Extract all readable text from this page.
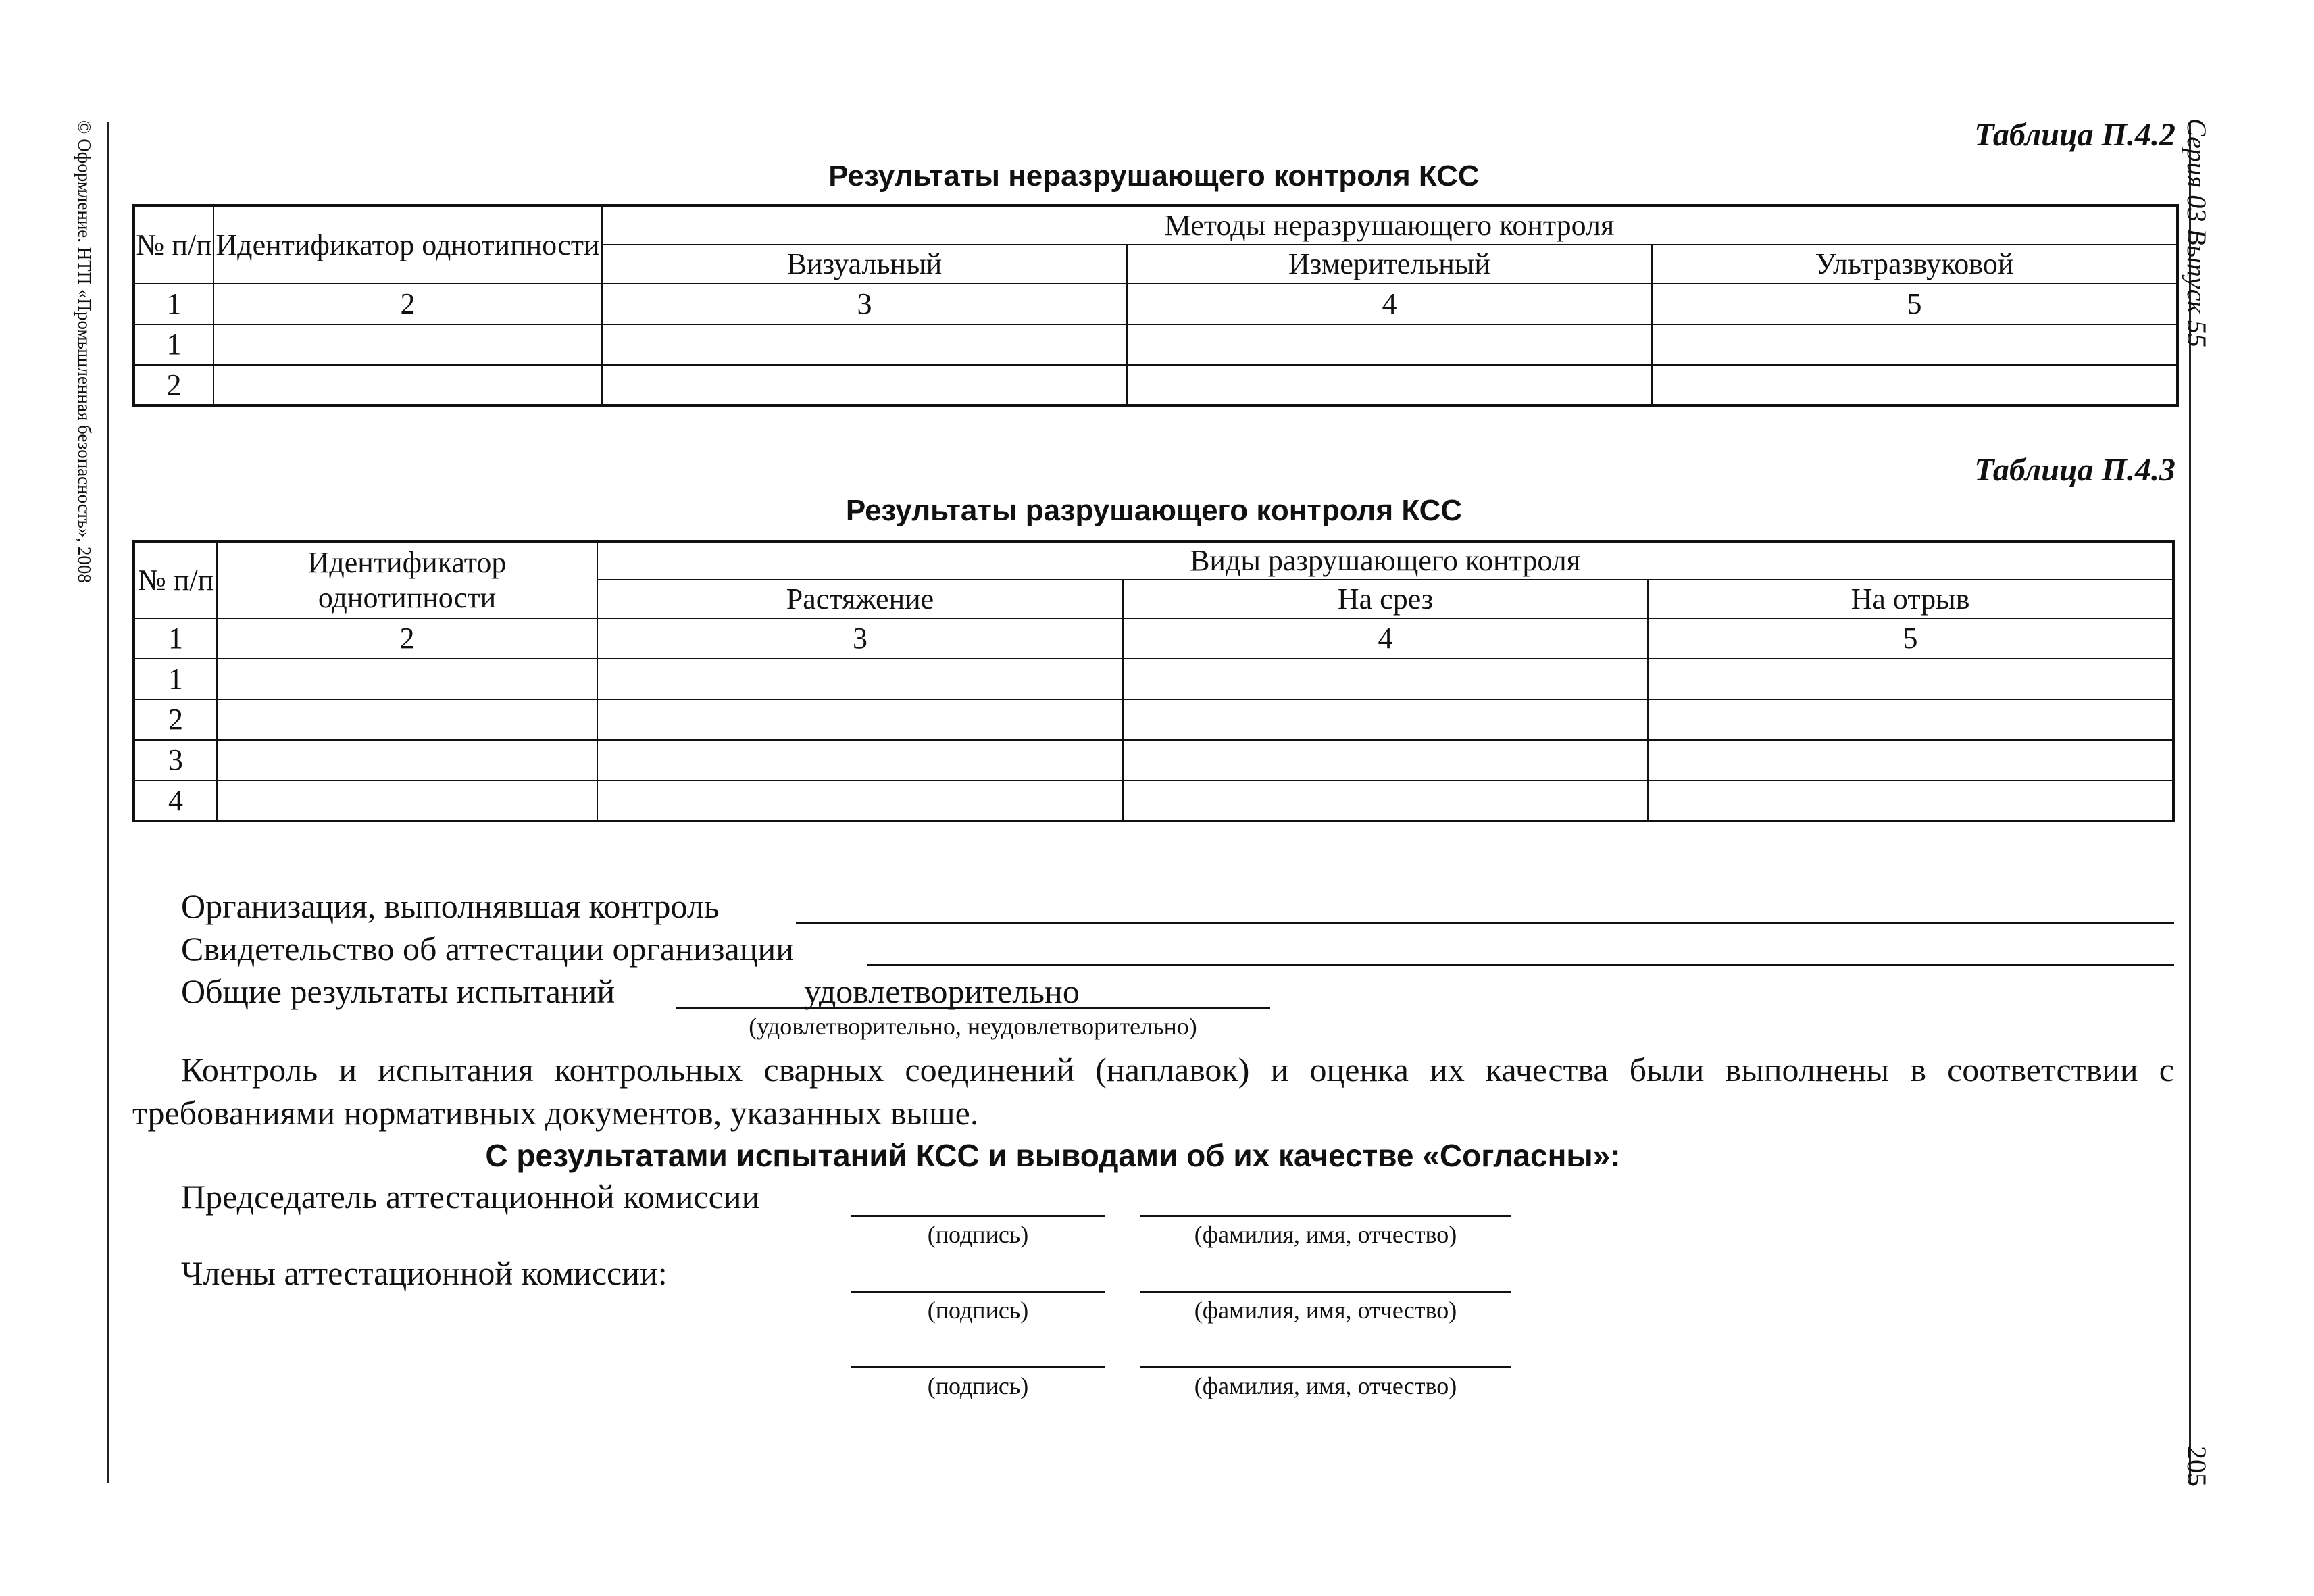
© Оформление. НТП «Промышленная безопасность», 2008	Серия 03 Выпуск 55
205
Таблица П.4.2
Результаты неразрушающего контроля КСС
№ п/п	Идентификатор однотипности	Методы неразрушающего контроля		
		Визуальный	Измерительный	Ультразвуковой
1	2	3	4	5
1				
2				
Таблица П.4.3
Результаты разрушающего контроля КСС
№ п/п	Идентификатор однотипности	Виды разрушающего контроля		
		Растяжение	На срез	На отрыв
1	2	3	4	5
1				
2				
3				
4				
Организация, выполнявшая контроль
Свидетельство об аттестации организации
Общие результаты испытаний	удовлетворительно
(удовлетворительно, неудовлетворительно)
Контроль и испытания контрольных сварных соединений (наплавок) и оценка их качества были выполнены в соответствии с требованиями нормативных документов, указанных выше.
С результатами испытаний КСС и выводами об их качестве «Согласны»:
Председатель аттестационной комиссии
(подпись)	(фамилия, имя, отчество)
Члены аттестационной комиссии:
(подпись)	(фамилия, имя, отчество)
(подпись)	(фамилия, имя, отчество)
